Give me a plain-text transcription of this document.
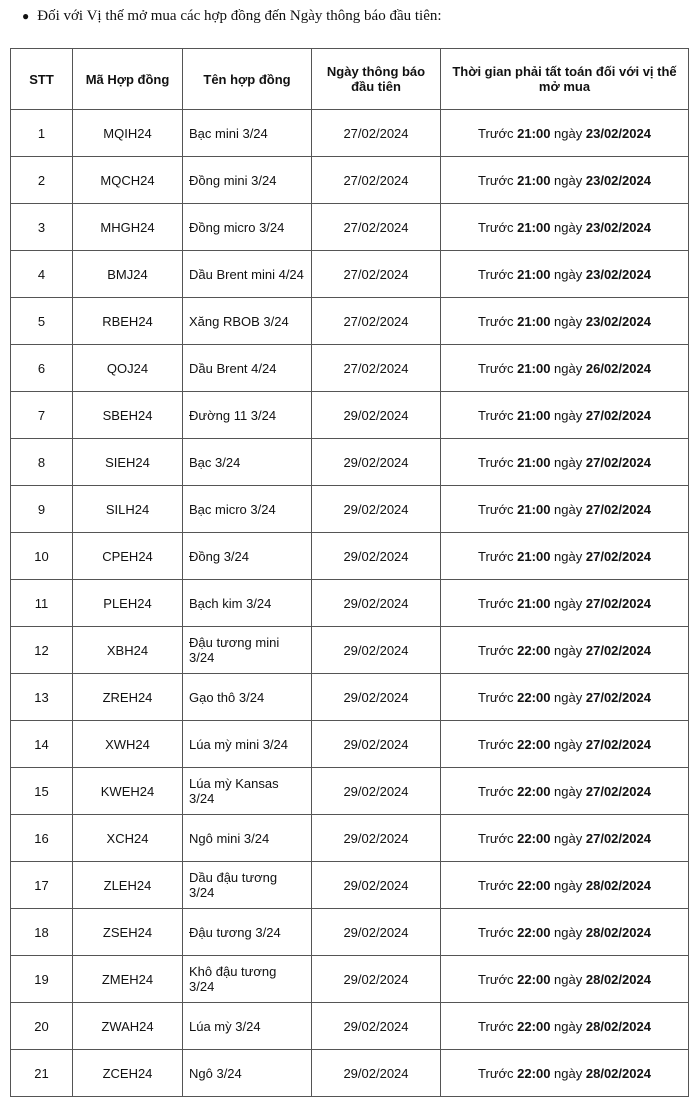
● Đối với Vị thế mở mua các hợp đồng đến Ngày thông báo đầu tiên:
STT	Mã Hợp đồng	Tên hợp đồng	Ngày thông báo đầu tiên	Thời gian phải tất toán đối với vị thế mở mua
1	MQIH24	Bạc mini 3/24	27/02/2024	Trước 21:00 ngày 23/02/2024
2	MQCH24	Đồng mini 3/24	27/02/2024	Trước 21:00 ngày 23/02/2024
3	MHGH24	Đồng micro 3/24	27/02/2024	Trước 21:00 ngày 23/02/2024
4	BMJ24	Dầu Brent mini 4/24	27/02/2024	Trước 21:00 ngày 23/02/2024
5	RBEH24	Xăng RBOB 3/24	27/02/2024	Trước 21:00 ngày 23/02/2024
6	QOJ24	Dầu Brent 4/24	27/02/2024	Trước 21:00 ngày 26/02/2024
7	SBEH24	Đường 11 3/24	29/02/2024	Trước 21:00 ngày 27/02/2024
8	SIEH24	Bạc 3/24	29/02/2024	Trước 21:00 ngày 27/02/2024
9	SILH24	Bạc micro 3/24	29/02/2024	Trước 21:00 ngày 27/02/2024
10	CPEH24	Đồng 3/24	29/02/2024	Trước 21:00 ngày 27/02/2024
11	PLEH24	Bạch kim 3/24	29/02/2024	Trước 21:00 ngày 27/02/2024
12	XBH24	Đậu tương mini 3/24	29/02/2024	Trước 22:00 ngày 27/02/2024
13	ZREH24	Gạo thô 3/24	29/02/2024	Trước 22:00 ngày 27/02/2024
14	XWH24	Lúa mỳ mini 3/24	29/02/2024	Trước 22:00 ngày 27/02/2024
15	KWEH24	Lúa mỳ Kansas 3/24	29/02/2024	Trước 22:00 ngày 27/02/2024
16	XCH24	Ngô mini 3/24	29/02/2024	Trước 22:00 ngày 27/02/2024
17	ZLEH24	Dầu đậu tương 3/24	29/02/2024	Trước 22:00 ngày 28/02/2024
18	ZSEH24	Đậu tương 3/24	29/02/2024	Trước 22:00 ngày 28/02/2024
19	ZMEH24	Khô đậu tương 3/24	29/02/2024	Trước 22:00 ngày 28/02/2024
20	ZWAH24	Lúa mỳ 3/24	29/02/2024	Trước 22:00 ngày 28/02/2024
21	ZCEH24	Ngô 3/24	29/02/2024	Trước 22:00 ngày 28/02/2024
